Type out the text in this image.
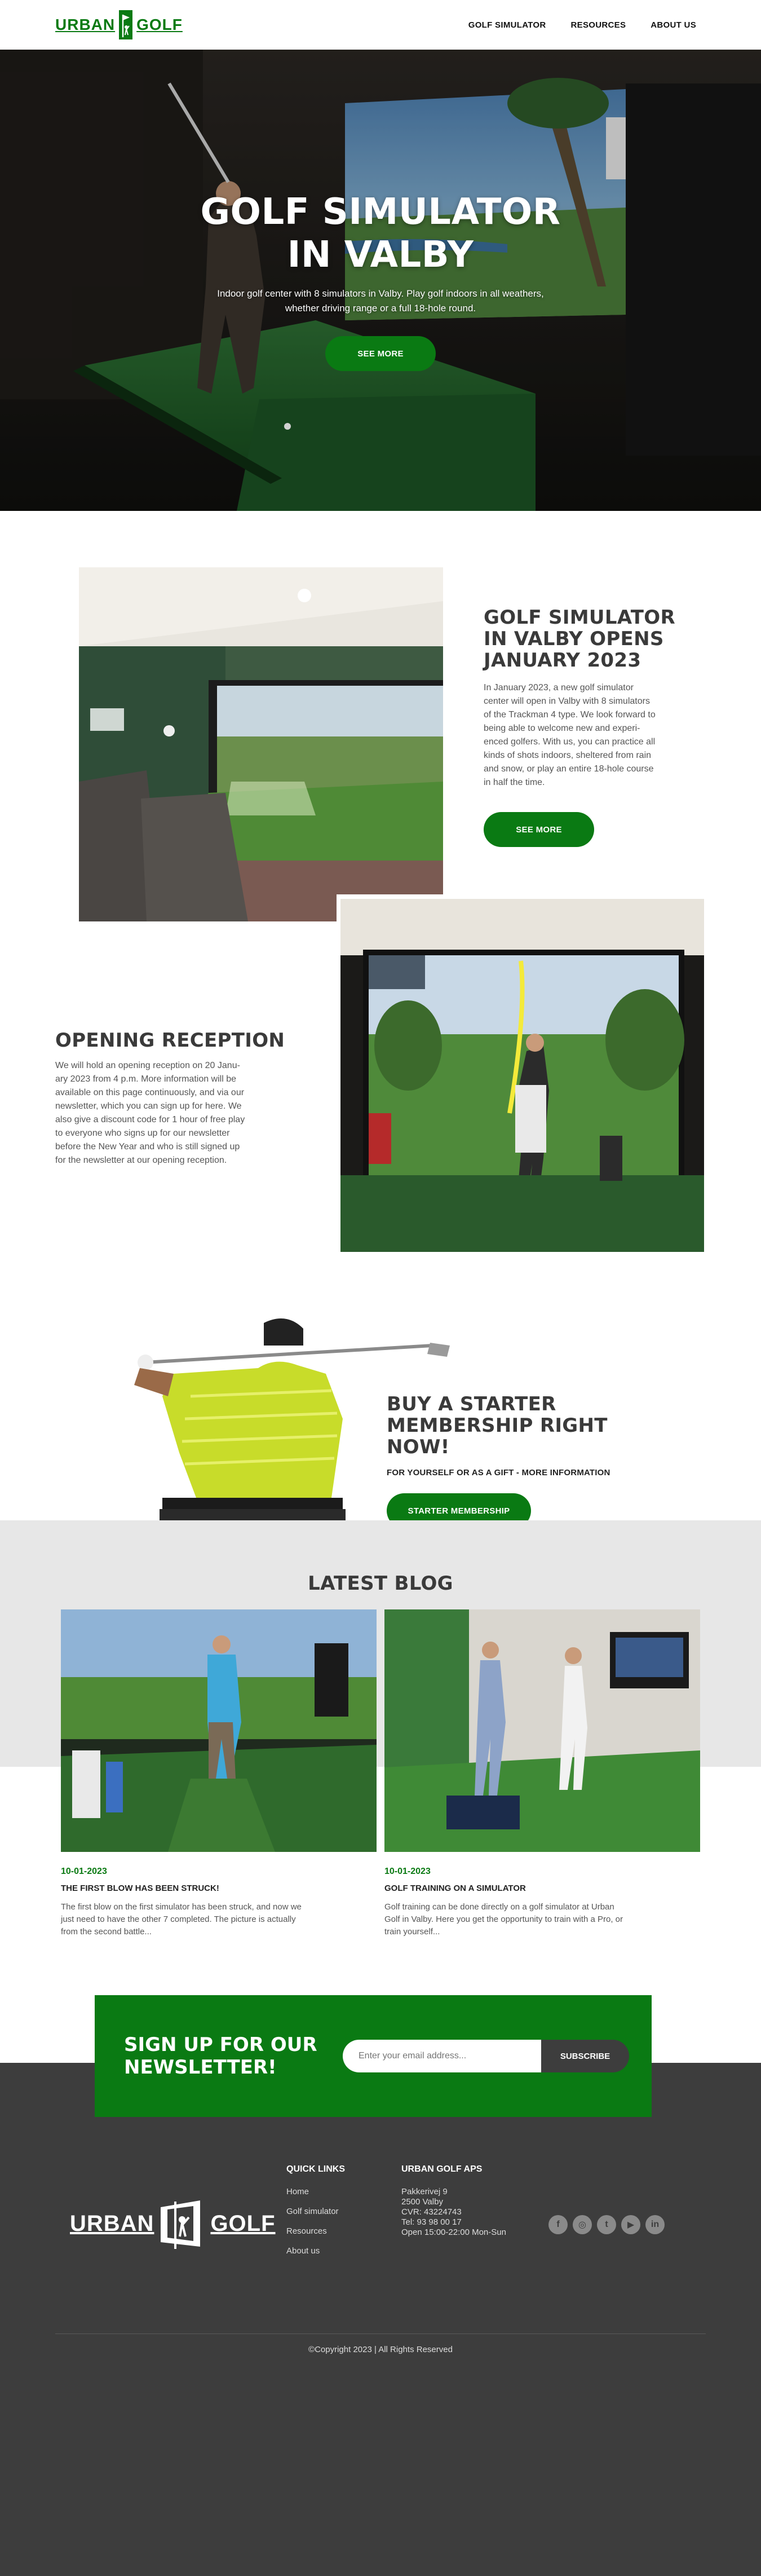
URBAN GOLF	GOLF SIMULATOR	RESOURCES	ABOUT US
GOLF SIMULATOR
IN VALBY

Indoor golf center with 8 simulators in Valby. Play golf indoors in all weathers,
whether driving range or a full 18-hole round.

SEE MORE
GOLF SIMULATOR
IN VALBY OPENS
JANUARY 2023

In January 2023, a new golf simulator
center will open in Valby with 8 simulators
of the Trackman 4 type. We look forward to
being able to welcome new and experi-
enced golfers. With us, you can practice all
kinds of shots indoors, sheltered from rain
and snow, or play an entire 18-hole course
in half the time.

SEE MORE
OPENING RECEPTION

We will hold an opening reception on 20 Janu-
ary 2023 from 4 p.m. More information will be
available on this page continuously, and via our
newsletter, which you can sign up for here. We
also give a discount code for 1 hour of free play
to everyone who signs up for our newsletter
before the New Year and who is still signed up
for the newsletter at our opening reception.

BUY A STARTER
MEMBERSHIP RIGHT
NOW!
FOR YOURSELF OR AS A GIFT - MORE INFORMATION
STARTER MEMBERSHIP
LATEST BLOG
10-01-2023
THE FIRST BLOW HAS BEEN STRUCK!

The first blow on the first simulator has been struck, and now we
just need to have the other 7 completed. The picture is actually
from the second battle...

10-01-2023
GOLF TRAINING ON A SIMULATOR

Golf training can be done directly on a golf simulator at Urban
Golf in Valby. Here you get the opportunity to train with a Pro, or
train yourself...

SIGN UP FOR OUR
NEWSLETTER!
Enter your email address...	SUBSCRIBE
URBAN	GOLF
QUICK LINKS
Home
Golf simulator
Resources
About us
URBAN GOLF APS
Pakkerivej 9
2500 Valby
CVR: 43224743
Tel: 93 98 00 17
Open 15:00-22:00 Mon-Sun
f	◎	t	▶	in
©Copyright 2023 | All Rights Reserved
